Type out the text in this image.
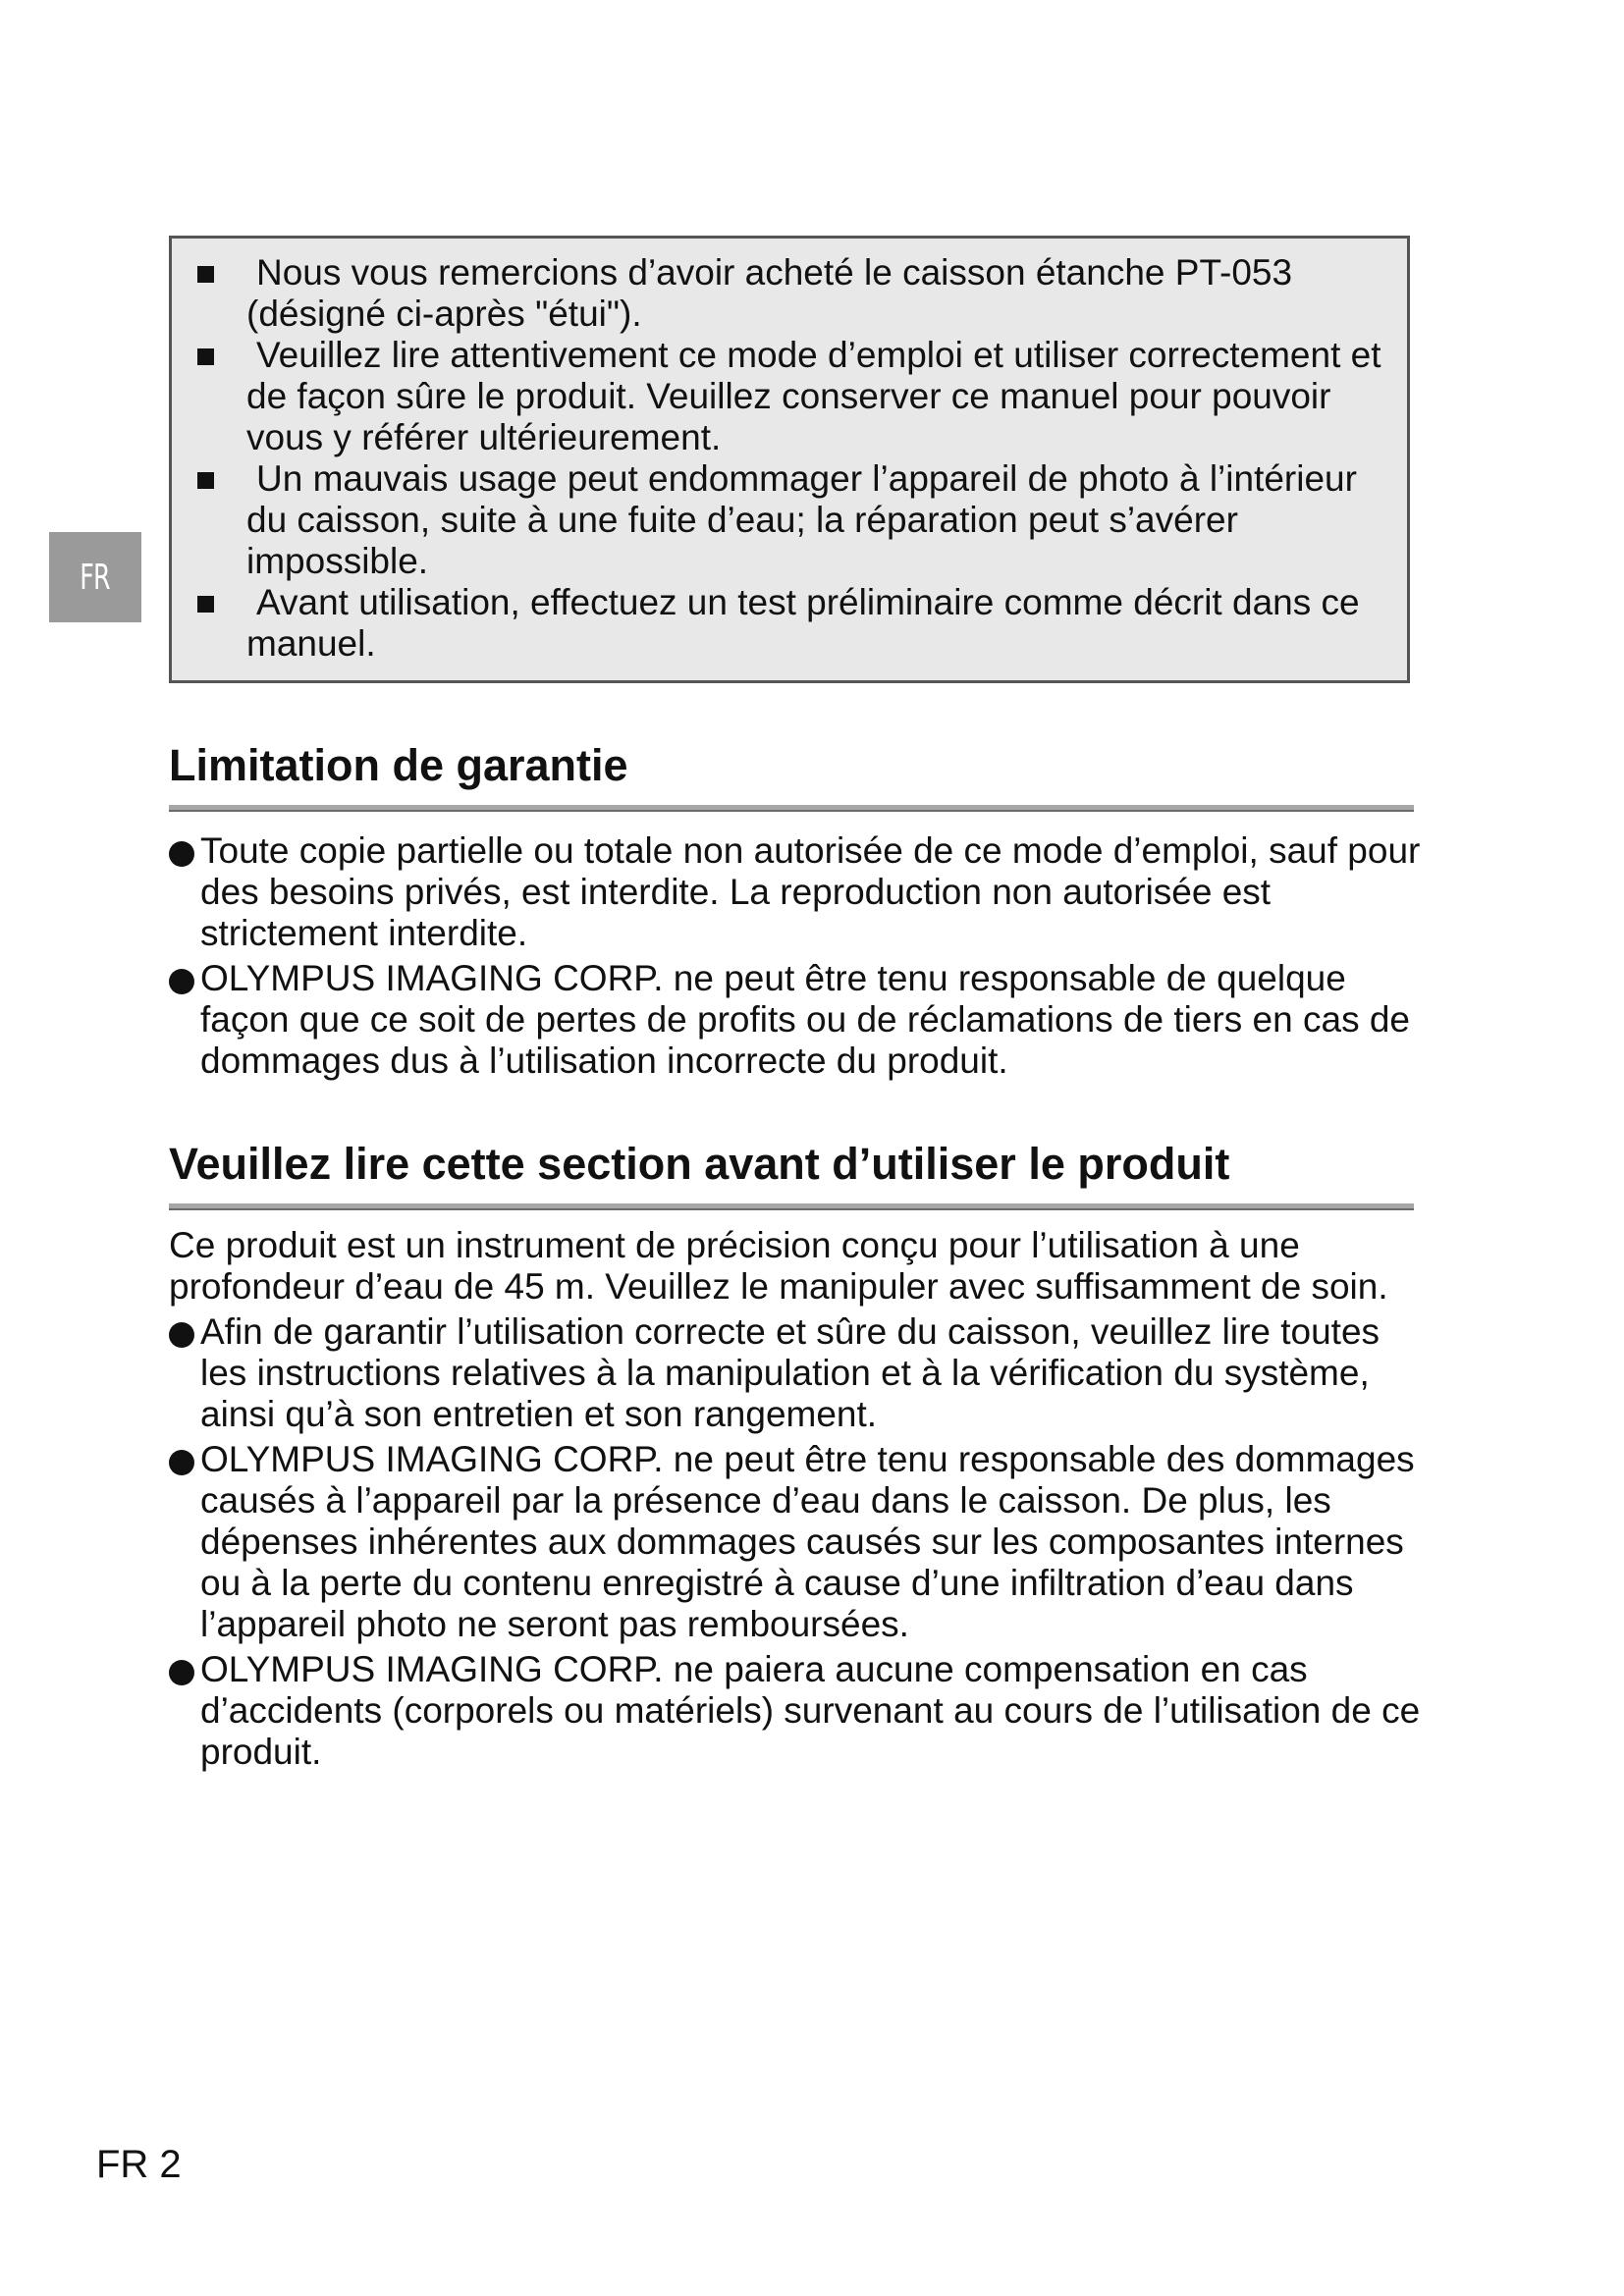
FR
Nous vous remercions d’avoir acheté le caisson étanche PT-053 (désigné ci-après "étui").
Veuillez lire attentivement ce mode d’emploi et utiliser correctement et de façon sûre le produit. Veuillez conserver ce manuel pour pouvoir vous y référer ultérieurement.
Un mauvais usage peut endommager l’appareil de photo à l’intérieur du caisson, suite à une fuite d’eau; la réparation peut s’avérer impossible.
Avant utilisation, effectuez un test préliminaire comme décrit dans ce manuel.
Limitation de garantie
Toute copie partielle ou totale non autorisée de ce mode d’emploi, sauf pour des besoins privés, est interdite. La reproduction non autorisée est strictement interdite.
OLYMPUS IMAGING CORP. ne peut être tenu responsable de quelque façon que ce soit de pertes de profits ou de réclamations de tiers en cas de dommages dus à l’utilisation incorrecte du produit.
Veuillez lire cette section avant d’utiliser le produit

Ce produit est un instrument de précision conçu pour l’utilisation à une profondeur d’eau de 45 m. Veuillez le manipuler avec suffisamment de soin.

Afin de garantir l’utilisation correcte et sûre du caisson, veuillez lire toutes les instructions relatives à la manipulation et à la vérification du système, ainsi qu’à son entretien et son rangement.
OLYMPUS IMAGING CORP. ne peut être tenu responsable des dommages causés à l’appareil par la présence d’eau dans le caisson. De plus, les dépenses inhérentes aux dommages causés sur les composantes internes ou à la perte du contenu enregistré à cause d’une infiltration d’eau dans l’appareil photo ne seront pas remboursées.
OLYMPUS IMAGING CORP. ne paiera aucune compensation en cas d’accidents (corporels ou matériels) survenant au cours de l’utilisation de ce produit.
FR 2
